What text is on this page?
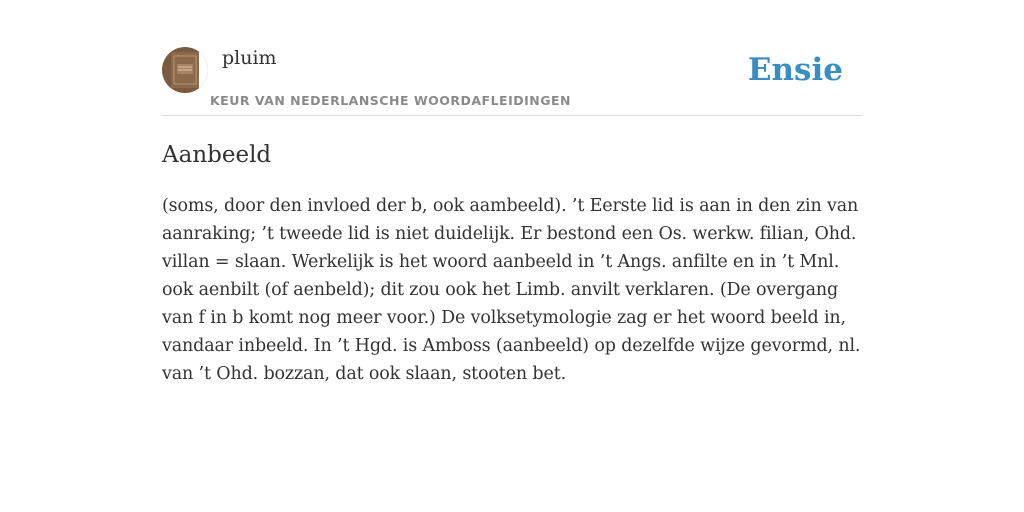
pluim
KEUR VAN NEDERLANSCHE WOORDAFLEIDINGEN
Ensie
Aanbeeld

(soms, door den invloed der b, ook aambeeld). ’t Eerste lid is aan in den zin van aanraking; ’t tweede lid is niet duidelijk. Er bestond een Os. werkw. filian, Ohd. villan = slaan. Werkelijk is het woord aanbeeld in ’t Angs. anfilte en in ’t Mnl. ook aenbilt (of aenbeld); dit zou ook het Limb. anvilt verklaren. (De overgang van f in b komt nog meer voor.) De volksetymologie zag er het woord beeld in, vandaar inbeeld. In ’t Hgd. is Amboss (aanbeeld) op dezelfde wijze gevormd, nl. van ’t Ohd. bozzan, dat ook slaan, stooten bet.
